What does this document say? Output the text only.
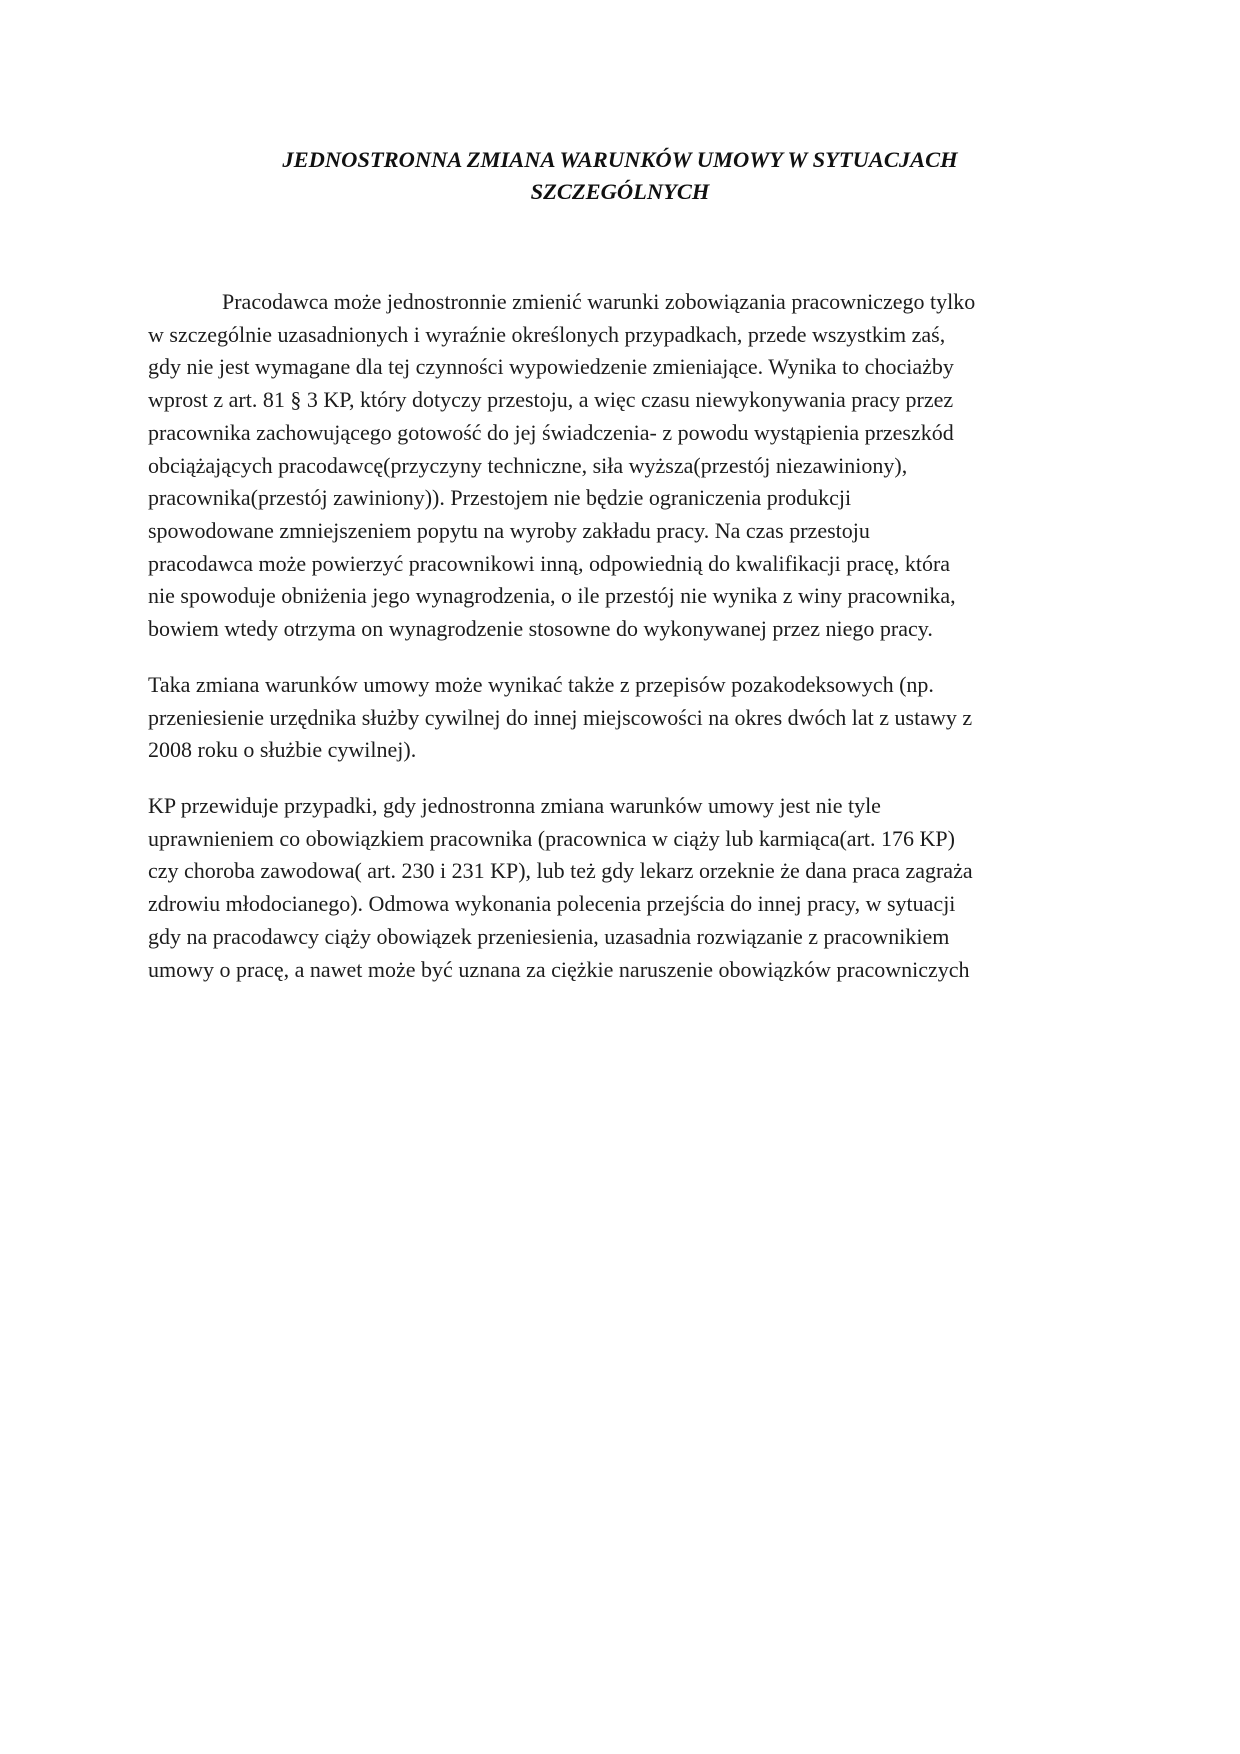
JEDNOSTRONNA ZMIANA WARUNKÓW UMOWY W SYTUACJACH
SZCZEGÓLNYCH

Pracodawca może jednostronnie zmienić warunki zobowiązania pracowniczego tylko
w szczególnie uzasadnionych i wyraźnie określonych przypadkach, przede wszystkim zaś,
gdy nie jest wymagane dla tej czynności wypowiedzenie zmieniające. Wynika to chociażby
wprost z art. 81 § 3 KP, który dotyczy przestoju, a więc czasu niewykonywania pracy przez
pracownika zachowującego gotowość do jej świadczenia- z powodu wystąpienia przeszkód
obciążających pracodawcę(przyczyny techniczne, siła wyższa(przestój niezawiniony),
pracownika(przestój zawiniony)). Przestojem nie będzie ograniczenia produkcji
spowodowane zmniejszeniem popytu na wyroby zakładu pracy. Na czas przestoju
pracodawca może powierzyć pracownikowi inną, odpowiednią do kwalifikacji pracę, która
nie spowoduje obniżenia jego wynagrodzenia, o ile przestój nie wynika z winy pracownika,
bowiem wtedy otrzyma on wynagrodzenie stosowne do wykonywanej przez niego pracy.

Taka zmiana warunków umowy może wynikać także z przepisów pozakodeksowych (np.
przeniesienie urzędnika służby cywilnej do innej miejscowości na okres dwóch lat z ustawy z
2008 roku o służbie cywilnej).

KP przewiduje przypadki, gdy jednostronna zmiana warunków umowy jest nie tyle
uprawnieniem co obowiązkiem pracownika (pracownica w ciąży lub karmiąca(art. 176 KP)
czy choroba zawodowa( art. 230 i 231 KP), lub też gdy lekarz orzeknie że dana praca zagraża
zdrowiu młodocianego). Odmowa wykonania polecenia przejścia do innej pracy, w sytuacji
gdy na pracodawcy ciąży obowiązek przeniesienia, uzasadnia rozwiązanie z pracownikiem
umowy o pracę, a nawet może być uznana za ciężkie naruszenie obowiązków pracowniczych
